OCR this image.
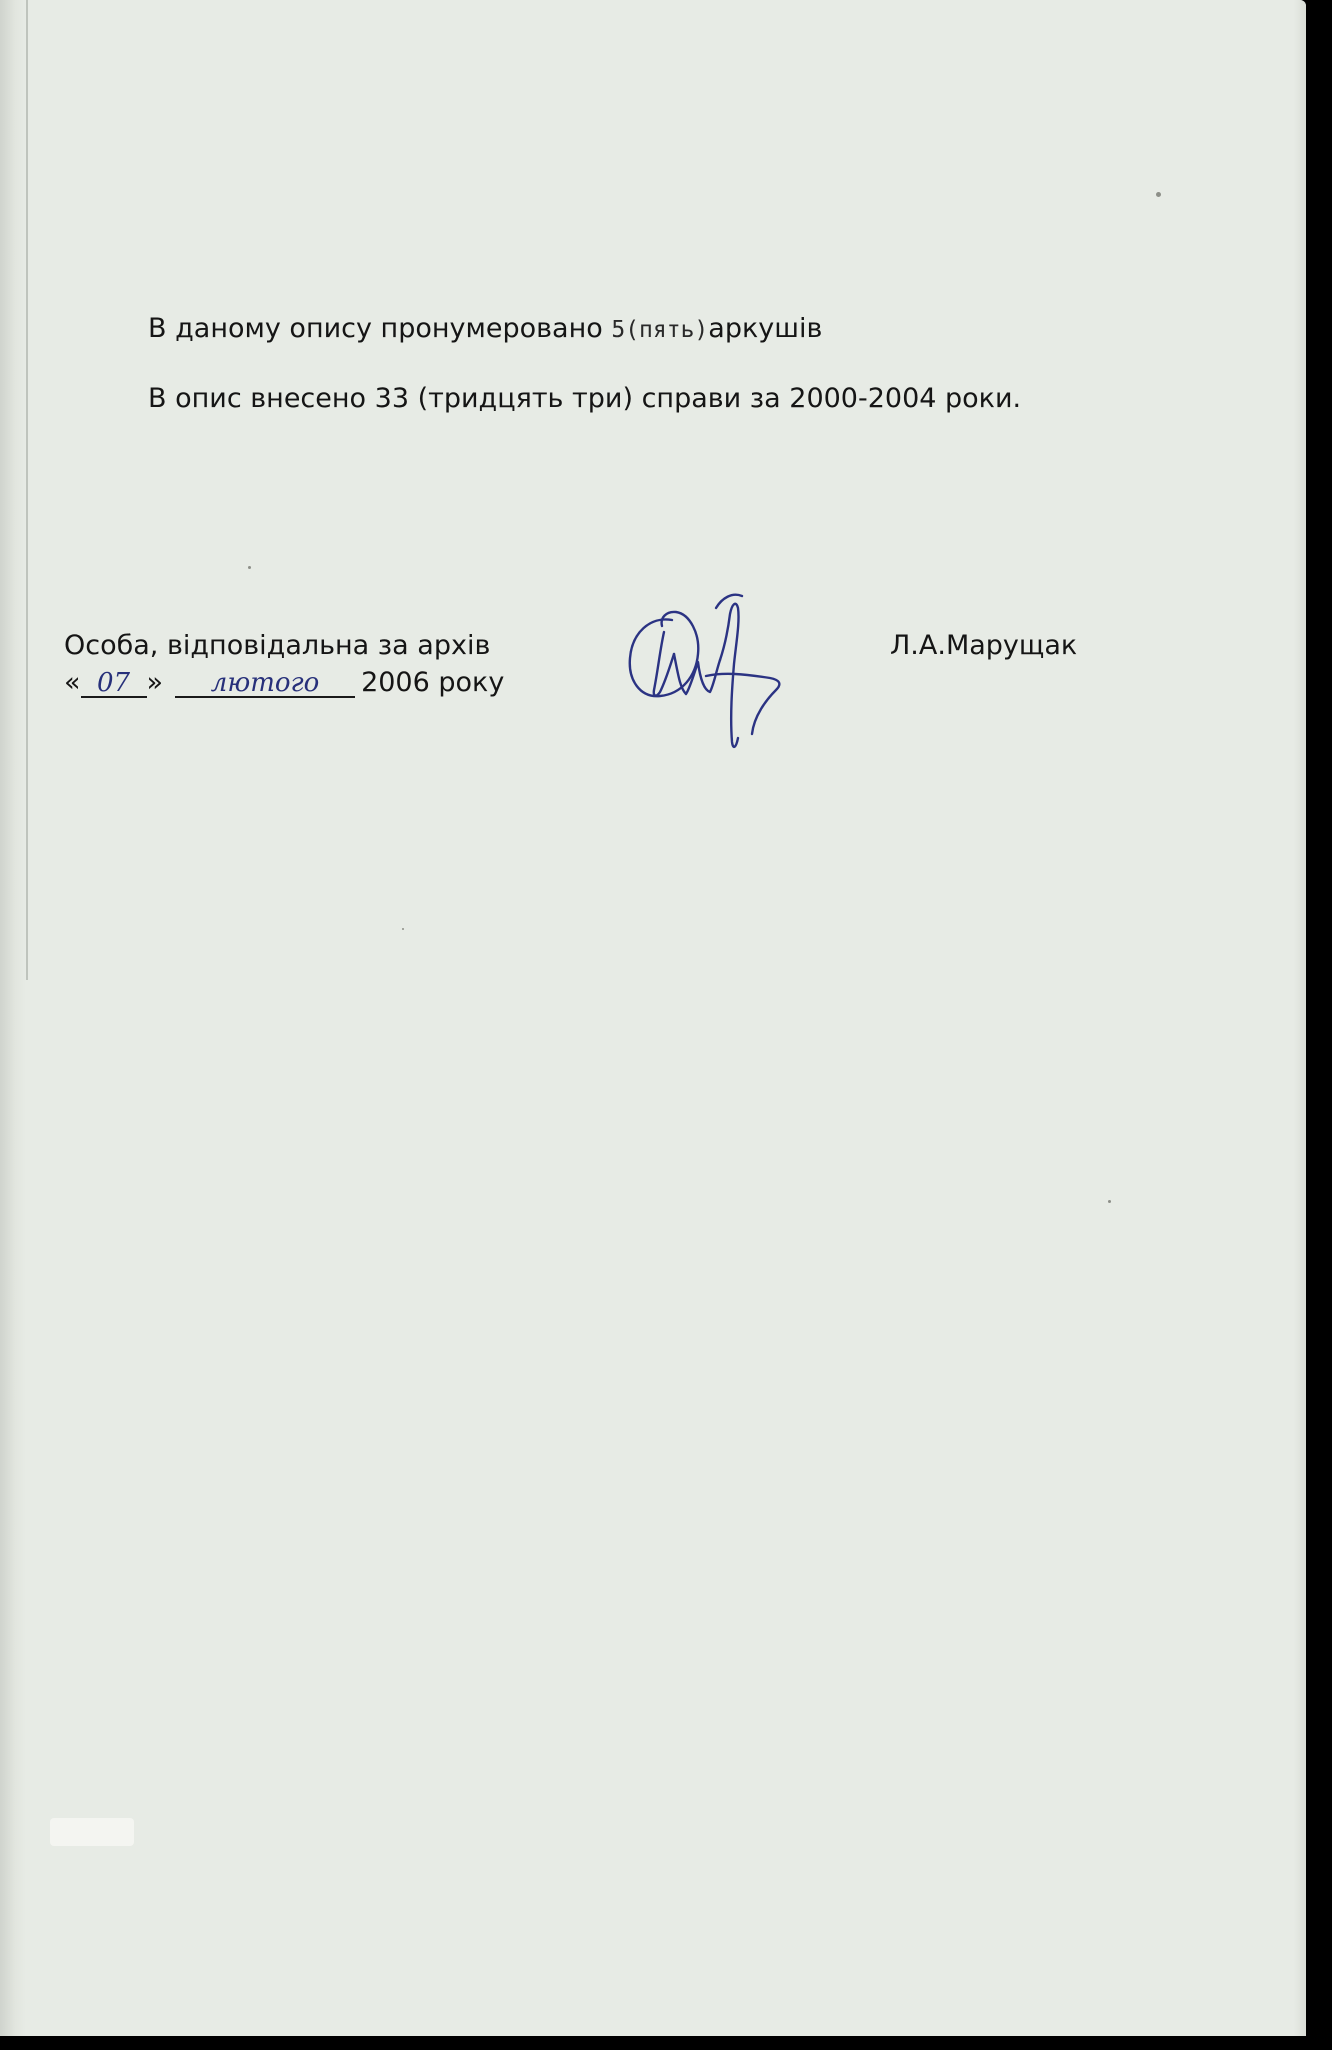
В даному опису пронумеровано 5(пять)аркушів
В опис внесено 33 (тридцять три) справи за 2000-2004 роки.
Особа, відповідальна за архів
« 07 » лютого 2006 року
Л.А.Марущак
